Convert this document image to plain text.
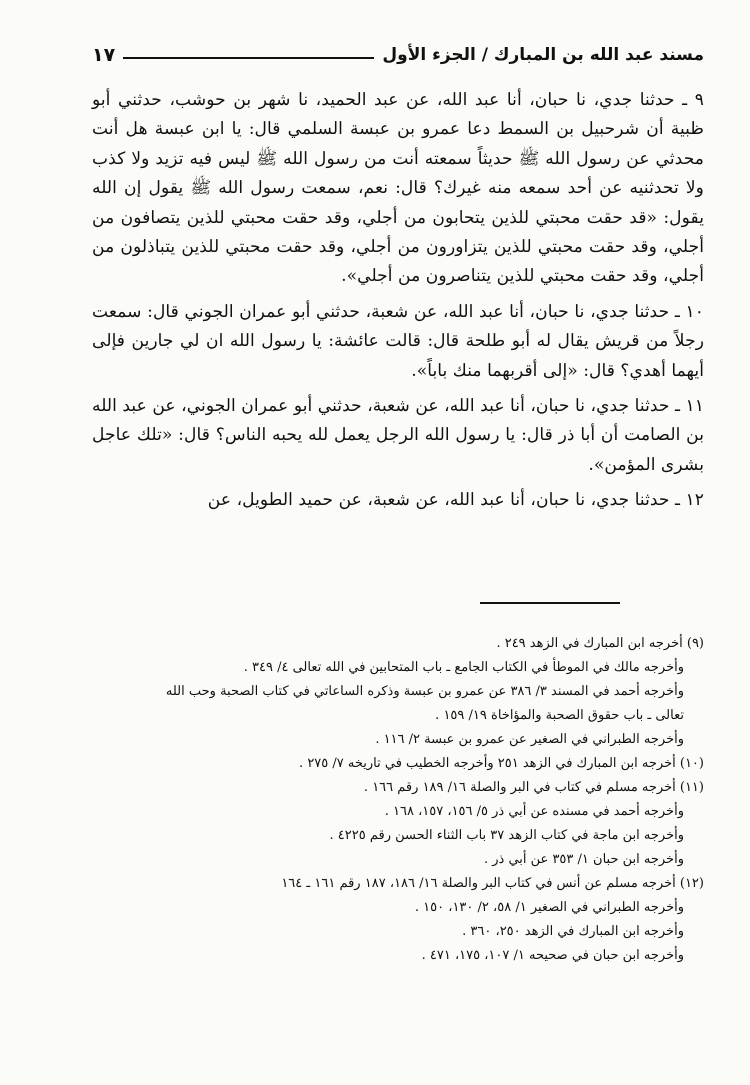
مسند عبد الله بن المبارك / الجزء الأول
١٧

٩ ـ حدثنا جدي، نا حبان، أنا عبد الله، عن عبد الحميد، نا شهر بن حوشب، حدثني أبو ظبية أن شرحبيل بن السمط دعا عمرو بن عبسة السلمي قال: يا ابن عبسة هل أنت محدثي عن رسول الله ﷺ حديثاً سمعته أنت من رسول الله ﷺ ليس فيه تزيد ولا كذب ولا تحدثنيه عن أحد سمعه منه غيرك؟ قال: نعم، سمعت رسول الله ﷺ يقول إن الله يقول: «قد حقت محبتي للذين يتحابون من أجلي، وقد حقت محبتي للذين يتصافون من أجلي، وقد حقت محبتي للذين يتزاورون من أجلي، وقد حقت محبتي للذين يتباذلون من أجلي، وقد حقت محبتي للذين يتناصرون من أجلي».

١٠ ـ حدثنا جدي، نا حبان، أنا عبد الله، عن شعبة، حدثني أبو عمران الجوني قال: سمعت رجلاً من قريش يقال له أبو طلحة قال: قالت عائشة: يا رسول الله ان لي جارين فإلى أيهما أهدي؟ قال: «إلى أقربهما منك باباً».

١١ ـ حدثنا جدي، نا حبان، أنا عبد الله، عن شعبة، حدثني أبو عمران الجوني، عن عبد الله بن الصامت أن أبا ذر قال: يا رسول الله الرجل يعمل لله يحبه الناس؟ قال: «تلك عاجل بشرى المؤمن».

١٢ ـ حدثنا جدي، نا حبان، أنا عبد الله، عن شعبة، عن حميد الطويل، عن

(٩) أخرجه ابن المبارك في الزهد ٢٤٩ .
وأخرجه مالك في الموطأ في الكتاب الجامع ـ باب المتحابين في الله تعالى ٤/ ٣٤٩ .
وأخرجه أحمد في المسند ٣/ ٣٨٦ عن عمرو بن عبسة وذكره الساعاتي في كتاب الصحبة وحب الله
تعالى ـ باب حقوق الصحبة والمؤاخاة ١٩/ ١٥٩ .
وأخرجه الطبراني في الصغير عن عمرو بن عبسة ٢/ ١١٦ .
(١٠) أخرجه ابن المبارك في الزهد ٢٥١ وأخرجه الخطيب في تاريخه ٧/ ٢٧٥ .
(١١) أخرجه مسلم في كتاب في البر والصلة ١٦/ ١٨٩ رقم ١٦٦ .
وأخرجه أحمد في مسنده عن أبي ذر ٥/ ١٥٦، ١٥٧، ١٦٨ .
وأخرجه ابن ماجة في كتاب الزهد ٣٧ باب الثناء الحسن رقم ٤٢٢٥ .
وأخرجه ابن حبان ١/ ٣٥٣ عن أبي ذر .
(١٢) أخرجه مسلم عن أنس في كتاب البر والصلة ١٦/ ١٨٦، ١٨٧ رقم ١٦١ ـ ١٦٤
وأخرجه الطبراني في الصغير ١/ ٥٨، ٢/ ١٣٠، ١٥٠ .
وأخرجه ابن المبارك في الزهد ٢٥٠، ٣٦٠ .
وأخرجه ابن حبان في صحيحه ١/ ١٠٧، ١٧٥، ٤٧١ .
